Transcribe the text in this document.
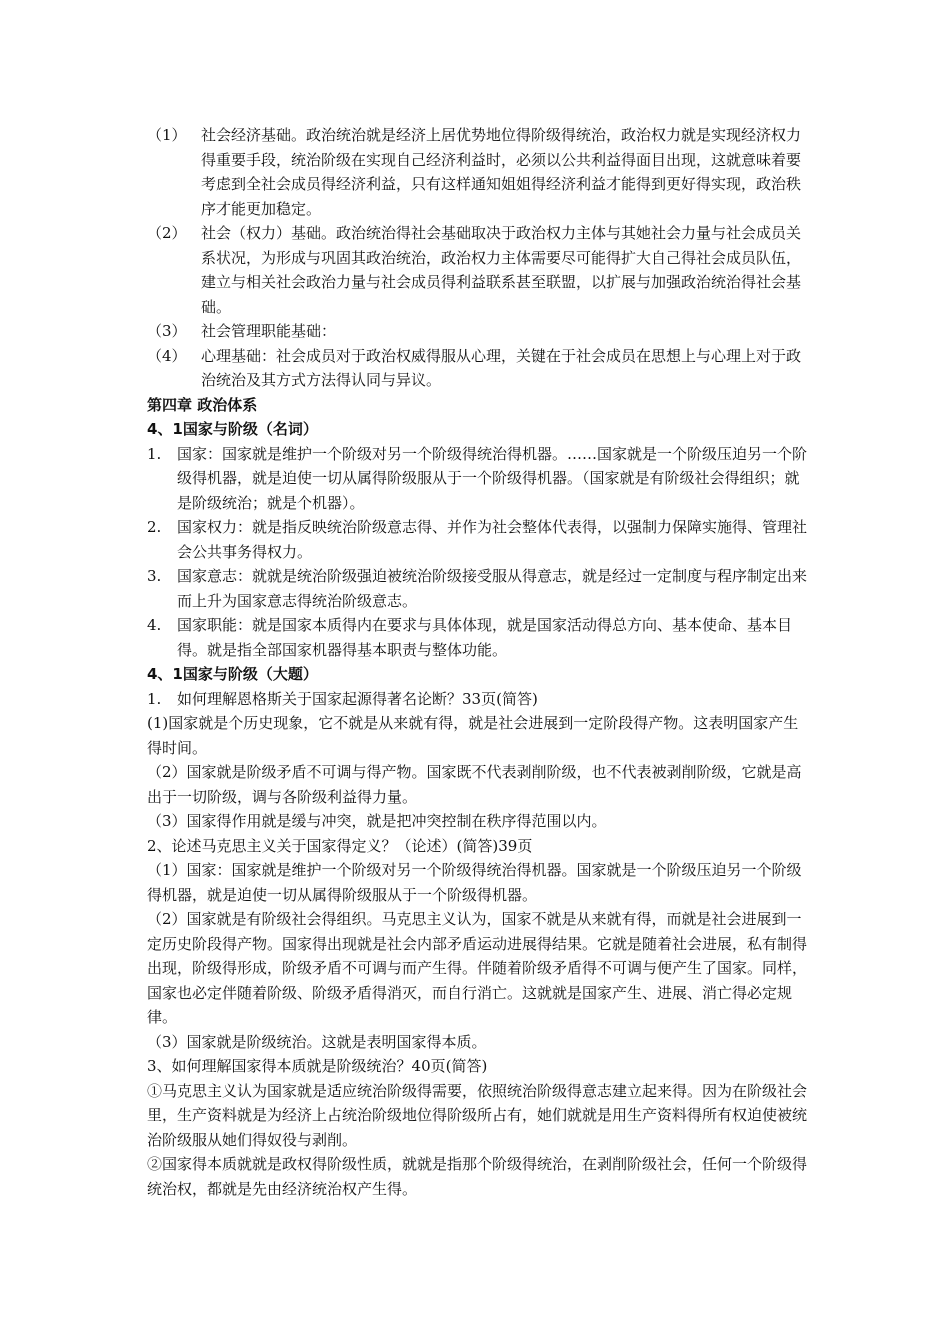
（1） 社会经济基础。政治统治就是经济上居优势地位得阶级得统治，政治权力就是实现经济权力得重要手段，统治阶级在实现自己经济利益时，必须以公共利益得面目出现，这就意味着要考虑到全社会成员得经济利益，只有这样通知姐姐得经济利益才能得到更好得实现，政治秩序才能更加稳定。
（2） 社会（权力）基础。政治统治得社会基础取决于政治权力主体与其她社会力量与社会成员关系状况，为形成与巩固其政治统治，政治权力主体需要尽可能得扩大自己得社会成员队伍，建立与相关社会政治力量与社会成员得利益联系甚至联盟，以扩展与加强政治统治得社会基础。
（3） 社会管理职能基础：
（4） 心理基础：社会成员对于政治权威得服从心理，关键在于社会成员在思想上与心理上对于政治统治及其方式方法得认同与异议。
第四章 政治体系
4、1国家与阶级（名词）
1.	国家：国家就是维护一个阶级对另一个阶级得统治得机器。……国家就是一个阶级压迫另一个阶级得机器，就是迫使一切从属得阶级服从于一个阶级得机器。（国家就是有阶级社会得组织；就是阶级统治；就是个机器）。
2.	国家权力：就是指反映统治阶级意志得、并作为社会整体代表得，以强制力保障实施得、管理社会公共事务得权力。
3.	国家意志：就就是统治阶级强迫被统治阶级接受服从得意志，就是经过一定制度与程序制定出来而上升为国家意志得统治阶级意志。
4.	国家职能：就是国家本质得内在要求与具体体现，就是国家活动得总方向、基本使命、基本目得。就是指全部国家机器得基本职责与整体功能。
4、1国家与阶级（大题）
1.	如何理解恩格斯关于国家起源得著名论断？33页(简答)
(1)国家就是个历史现象，它不就是从来就有得，就是社会进展到一定阶段得产物。这表明国家产生得时间。
（2）国家就是阶级矛盾不可调与得产物。国家既不代表剥削阶级，也不代表被剥削阶级，它就是高出于一切阶级，调与各阶级利益得力量。
（3）国家得作用就是缓与冲突，就是把冲突控制在秩序得范围以内。
2、论述马克思主义关于国家得定义？（论述）(简答)39页
（1）国家：国家就是维护一个阶级对另一个阶级得统治得机器。国家就是一个阶级压迫另一个阶级得机器，就是迫使一切从属得阶级服从于一个阶级得机器。
（2）国家就是有阶级社会得组织。马克思主义认为，国家不就是从来就有得，而就是社会进展到一定历史阶段得产物。国家得出现就是社会内部矛盾运动进展得结果。它就是随着社会进展，私有制得出现，阶级得形成，阶级矛盾不可调与而产生得。伴随着阶级矛盾得不可调与便产生了国家。同样，国家也必定伴随着阶级、阶级矛盾得消灭，而自行消亡。这就就是国家产生、进展、消亡得必定规律。
（3）国家就是阶级统治。这就是表明国家得本质。
3、如何理解国家得本质就是阶级统治？40页(简答)
①马克思主义认为国家就是适应统治阶级得需要，依照统治阶级得意志建立起来得。因为在阶级社会里，生产资料就是为经济上占统治阶级地位得阶级所占有，她们就就是用生产资料得所有权迫使被统治阶级服从她们得奴役与剥削。
②国家得本质就就是政权得阶级性质，就就是指那个阶级得统治，在剥削阶级社会，任何一个阶级得统治权，都就是先由经济统治权产生得。
